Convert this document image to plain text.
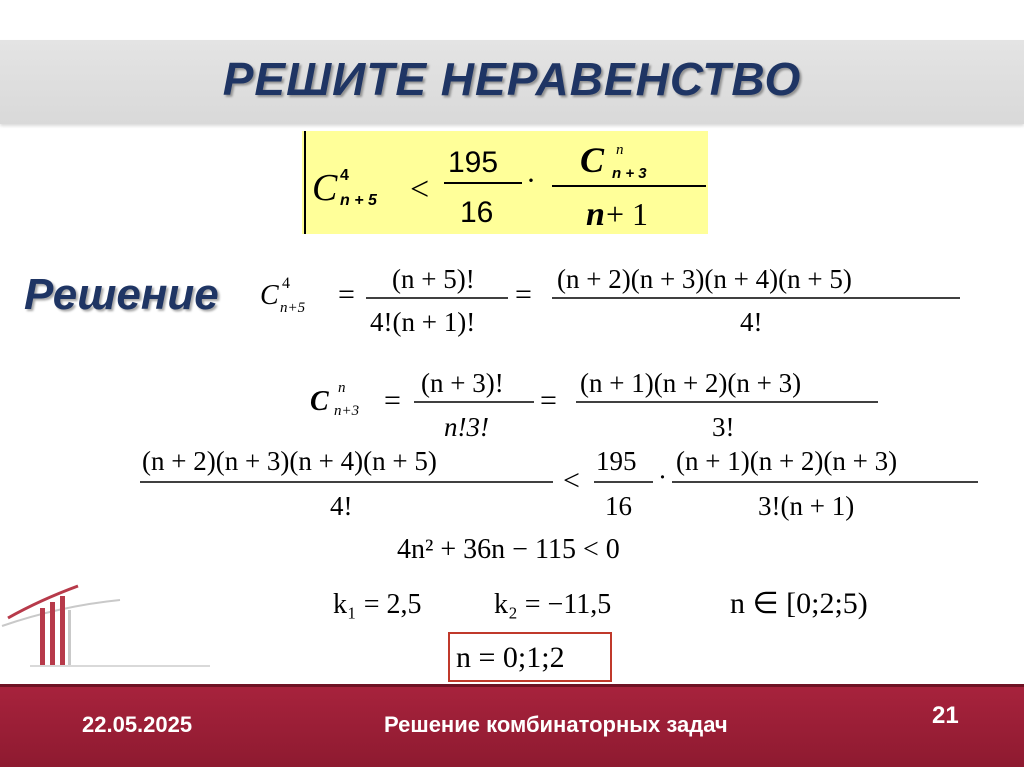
РЕШИТЕ НЕРАВЕНСТВО
Решение
C 4
n + 5 <
195
16
·
C n
n + 3
n + 1
C 4
n+5 = (n + 5)!
4!(n + 1)!
= (n + 2)(n + 3)(n + 4)(n + 5)
4!
C n
n+3 =
(n + 3)!
n!3!
=
(n + 1)(n + 2)(n + 3)
3!
(n + 2)(n + 3)(n + 4)(n + 5)
4!
<
195
16
·
(n + 1)(n + 2)(n + 3)
3!(n + 1)
4n² + 36n − 115 < 0
k₁ = 2,5	k₂ = −11,5	n ∈ [0;2;5)
n = 0;1;2
22.05.2025	Решение комбинаторных задач	21
